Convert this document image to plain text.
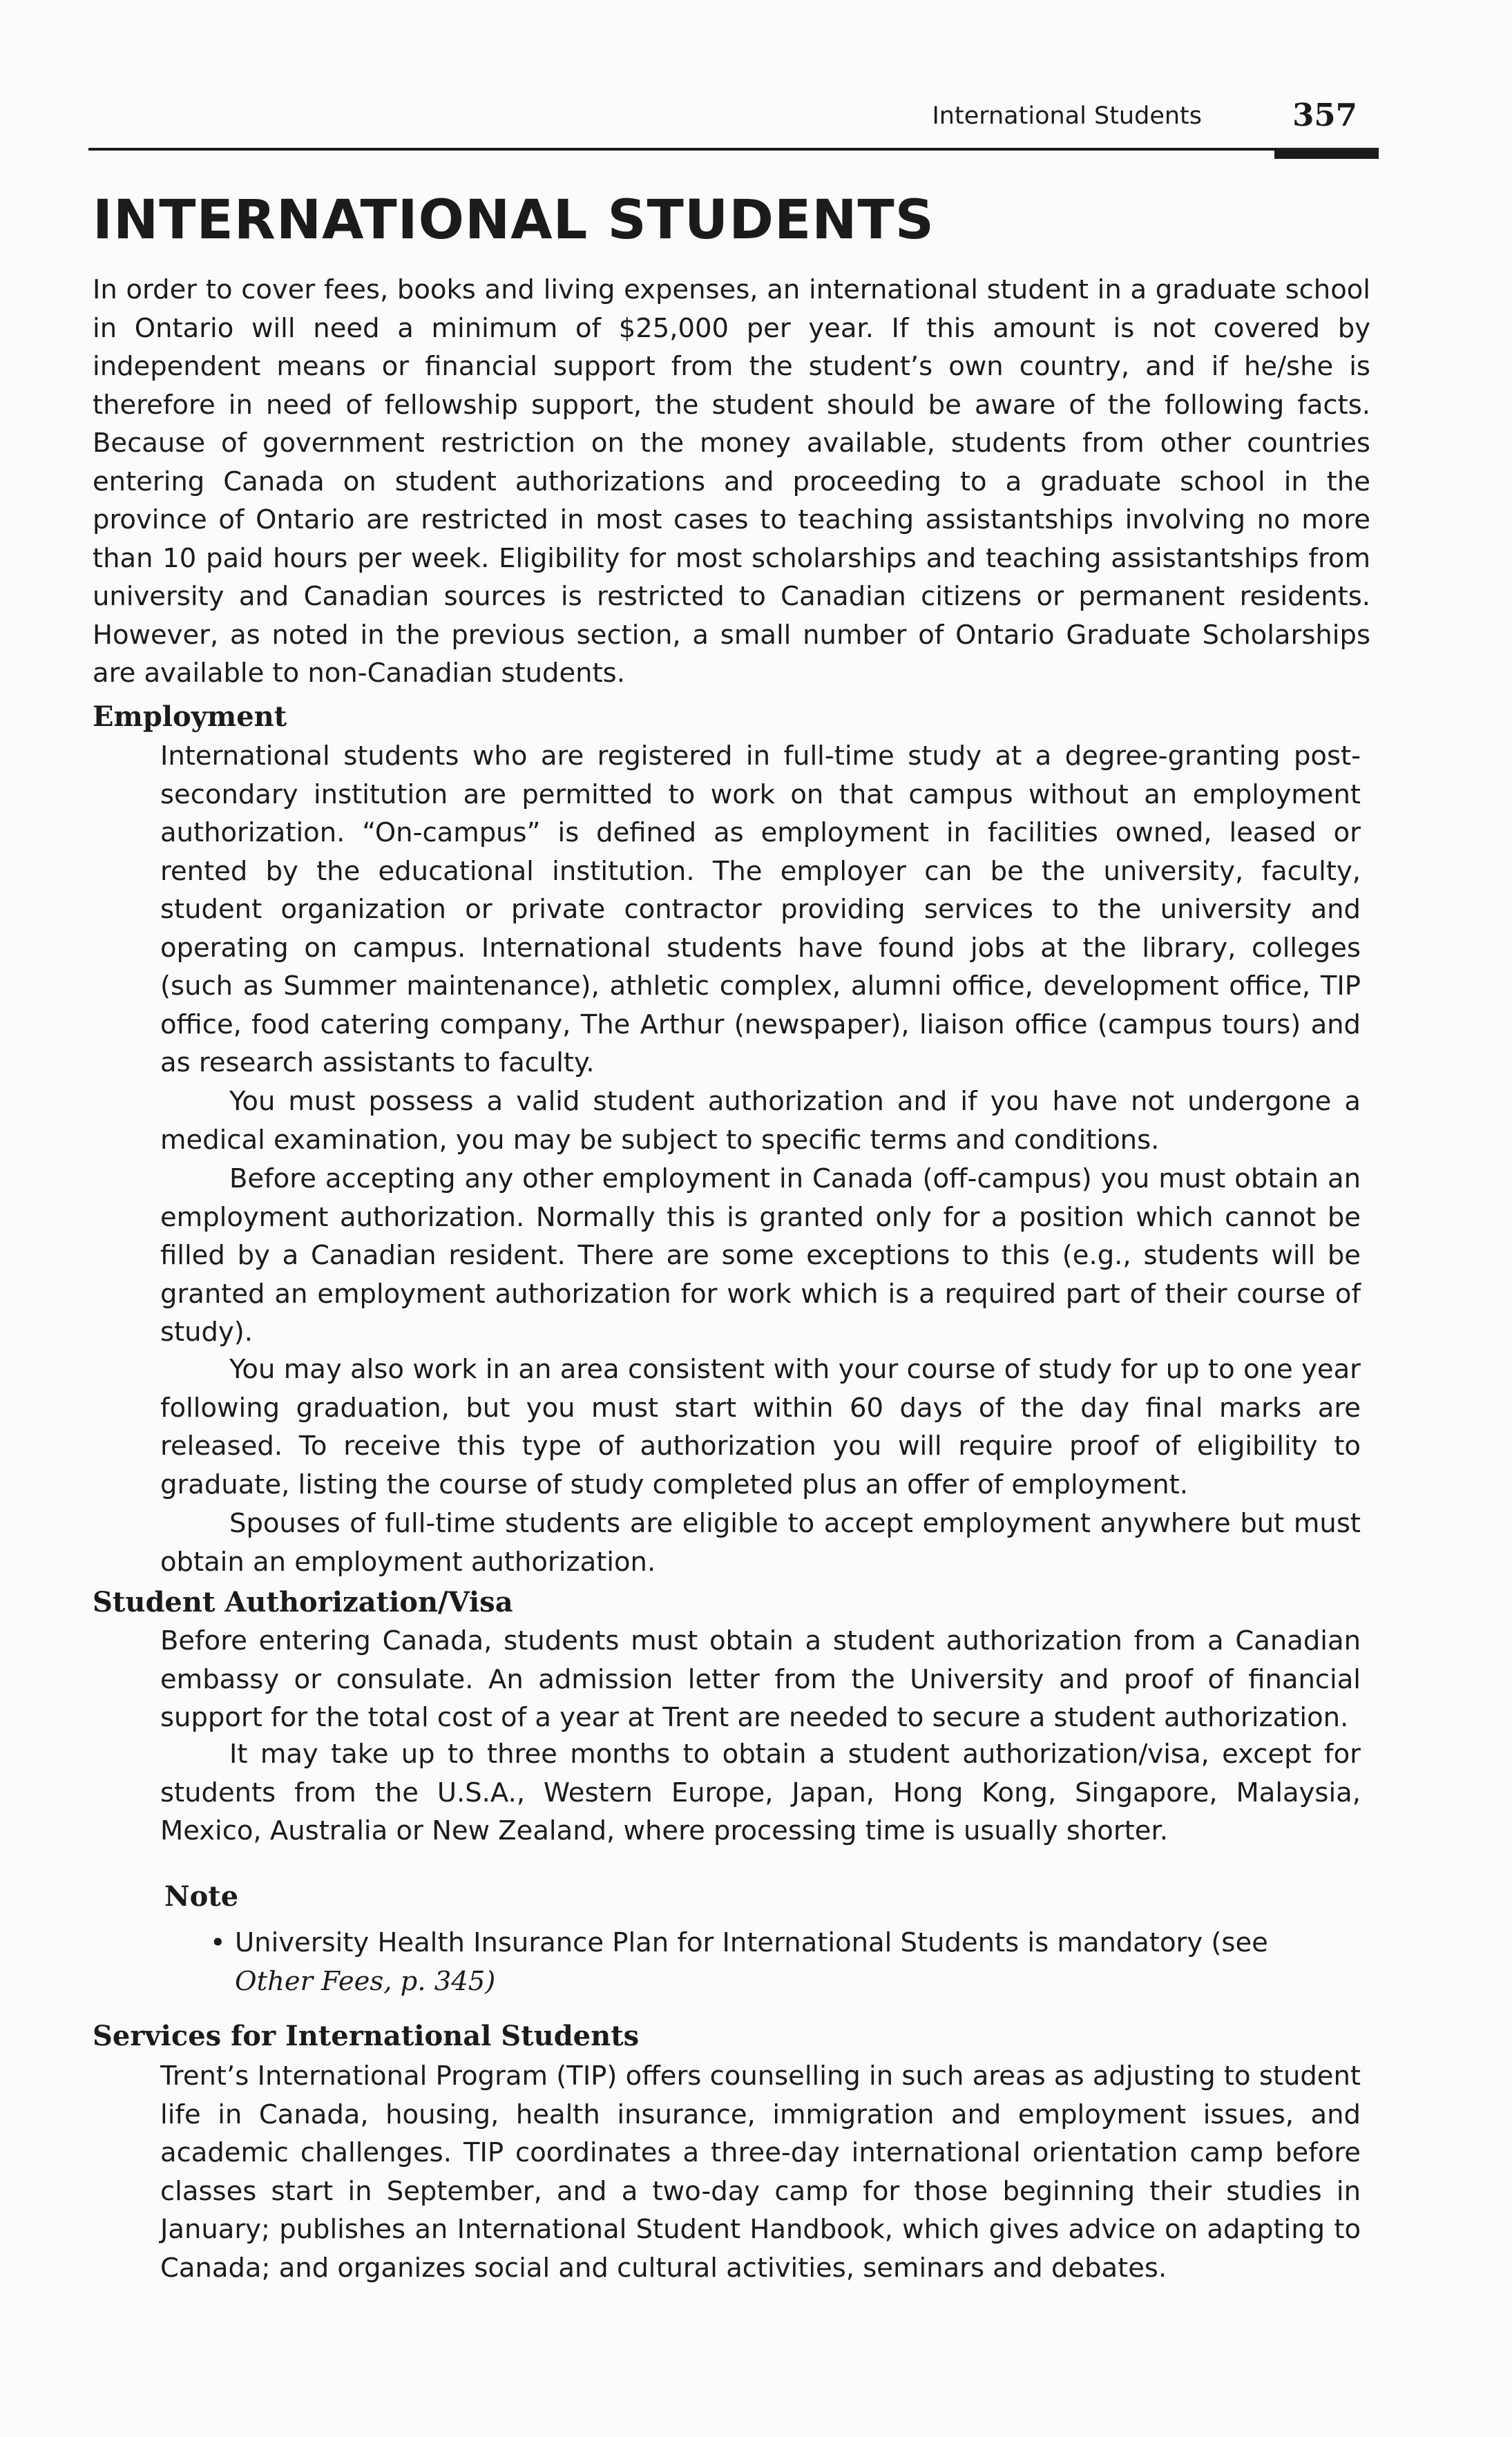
International Students	357
INTERNATIONAL STUDENTS

In order to cover fees, books and living expenses, an international student in a graduate school in Ontario will need a minimum of $25,000 per year. If this amount is not covered by independent means or financial support from the student’s own country, and if he/she is therefore in need of fellowship support, the student should be aware of the following facts. Because of government restriction on the money available, students from other countries entering Canada on student authorizations and proceeding to a graduate school in the province of Ontario are restricted in most cases to teaching assistantships involving no more than 10 paid hours per week. Eligibility for most scholarships and teaching assistantships from university and Canadian sources is restricted to Canadian citizens or permanent residents. However, as noted in the previous section, a small number of Ontario Graduate Scholarships are available to non-Canadian students.

Employment

International students who are registered in full-time study at a degree-granting post-secondary institution are permitted to work on that campus without an employment authorization. “On-campus” is defined as employment in facilities owned, leased or rented by the educational institution. The employer can be the university, faculty, student organization or private contractor providing services to the university and operating on campus. International students have found jobs at the library, colleges (such as Summer maintenance), athletic complex, alumni office, development office, TIP office, food catering company, The Arthur (newspaper), liaison office (campus tours) and as research assistants to faculty.

You must possess a valid student authorization and if you have not undergone a medical examination, you may be subject to specific terms and conditions.

Before accepting any other employment in Canada (off-campus) you must obtain an employment authorization. Normally this is granted only for a position which cannot be filled by a Canadian resident. There are some exceptions to this (e.g., students will be granted an employment authorization for work which is a required part of their course of study).

You may also work in an area consistent with your course of study for up to one year following graduation, but you must start within 60 days of the day final marks are released. To receive this type of authorization you will require proof of eligibility to graduate, listing the course of study completed plus an offer of employment.

Spouses of full-time students are eligible to accept employment anywhere but must obtain an employment authorization.

Student Authorization/Visa

Before entering Canada, students must obtain a student authorization from a Canadian embassy or consulate. An admission letter from the University and proof of financial support for the total cost of a year at Trent are needed to secure a student authorization.

It may take up to three months to obtain a student authorization/visa, except for students from the U.S.A., Western Europe, Japan, Hong Kong, Singapore, Malaysia, Mexico, Australia or New Zealand, where processing time is usually shorter.

Note
• University Health Insurance Plan for International Students is mandatory (see
Other Fees, p. 345)
Services for International Students

Trent’s International Program (TIP) offers counselling in such areas as adjusting to student life in Canada, housing, health insurance, immigration and employment issues, and academic challenges. TIP coordinates a three-day international orientation camp before classes start in September, and a two-day camp for those beginning their studies in January; publishes an International Student Handbook, which gives advice on adapting to Canada; and organizes social and cultural activities, seminars and debates.
